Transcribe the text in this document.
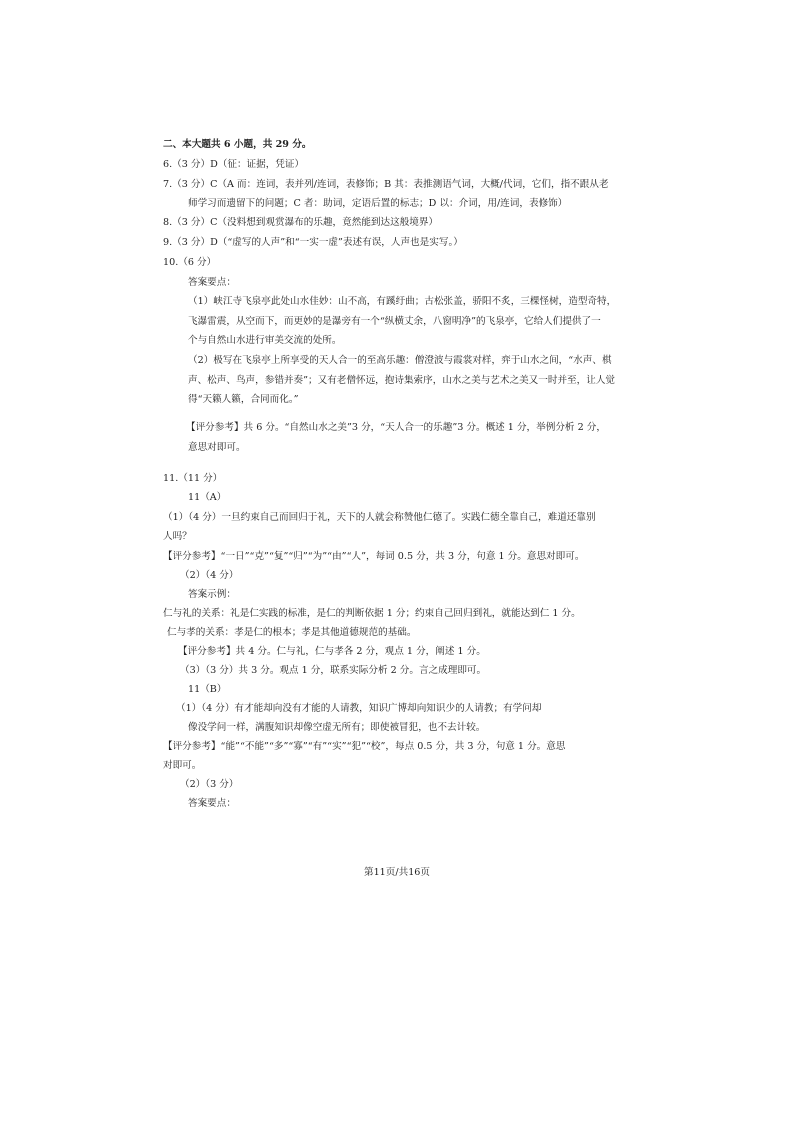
二、本大题共 6 小题，共 29 分。
6.（3 分）D（征：证据，凭证）
7.（3 分）C（A 而：连词，表并列/连词，表修饰；B 其：表推测语气词，大概/代词，它们，指不跟从老
师学习而遗留下的问题；C 者：助词，定语后置的标志；D 以：介词，用/连词，表修饰）
8.（3 分）C（没料想到观赏瀑布的乐趣，竟然能到达这般境界）
9.（3 分）D（“虚写的人声”和“一实一虚”表述有误，人声也是实写。）
10.（6 分）
答案要点：
（1）峡江寺飞泉亭此处山水佳妙：山不高，有蹊纡曲；古松张盖，骄阳不炙，三棵怪树，造型奇特，
飞瀑雷震，从空而下，而更妙的是瀑旁有一个“纵横丈余，八窗明净”的飞泉亭，它给人们提供了一
个与自然山水进行审美交流的处所。
（2）极写在飞泉亭上所享受的天人合一的至高乐趣：僧澄波与霞裳对样，弈于山水之间，“水声、棋
声、松声、鸟声，参错并奏”；又有老僧怀远，抱诗集索序，山水之美与艺术之美又一时并至，让人觉
得“天籁人籁，合同而化。”
【评分参考】共 6 分。“自然山水之美”3 分，“天人合一的乐趣”3 分。概述 1 分，举例分析 2 分，
意思对即可。
11.（11 分）
11（A）
（1）（4 分）一旦约束自己而回归于礼，天下的人就会称赞他仁德了。实践仁德全靠自己，难道还靠别
人吗？
【评分参考】“一日”“克”“复”“归”“为”“由”“人”，每词 0.5 分，共 3 分，句意 1 分。意思对即可。
（2）（4 分）
答案示例：
仁与礼的关系：礼是仁实践的标准，是仁的判断依据 1 分；约束自己回归到礼，就能达到仁 1 分。
仁与孝的关系：孝是仁的根本；孝是其他道德规范的基础。
【评分参考】共 4 分。仁与礼，仁与孝各 2 分，观点 1 分，阐述 1 分。
（3）（3 分）共 3 分。观点 1 分，联系实际分析 2 分。言之成理即可。
11（B）
（1）（4 分）有才能却向没有才能的人请教，知识广博却向知识少的人请教；有学问却
像没学问一样，满腹知识却像空虚无所有；即使被冒犯，也不去计较。
【评分参考】“能”“不能”“多”“寡”“有”“实”“犯”“校”，每点 0.5 分，共 3 分，句意 1 分。意思
对即可。
（2）（3 分）
答案要点：
第11页/共16页
